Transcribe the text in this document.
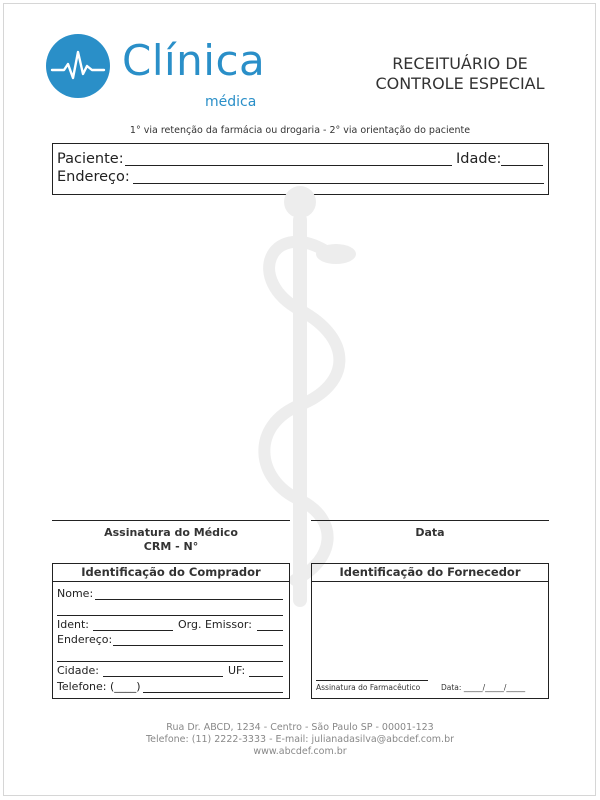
Clínica
médica
RECEITUÁRIO DE
CONTROLE ESPECIAL
1° via retenção da farmácia ou drogaria - 2° via orientação do paciente
Paciente:	Idade:
Endereço:
Assinatura do Médico
CRM - N°
Data
Identificação do Comprador
Nome:
Ident:	Org. Emissor:
Endereço:
Cidade:	UF:
Telefone: (____)
Identificação do Fornecedor
Assinatura do Farmacêutico	Data: _____/_____/_____
Rua Dr. ABCD, 1234 - Centro - São Paulo SP - 00001-123
Telefone: (11) 2222-3333 - E-mail: julianadasilva@abcdef.com.br
www.abcdef.com.br
